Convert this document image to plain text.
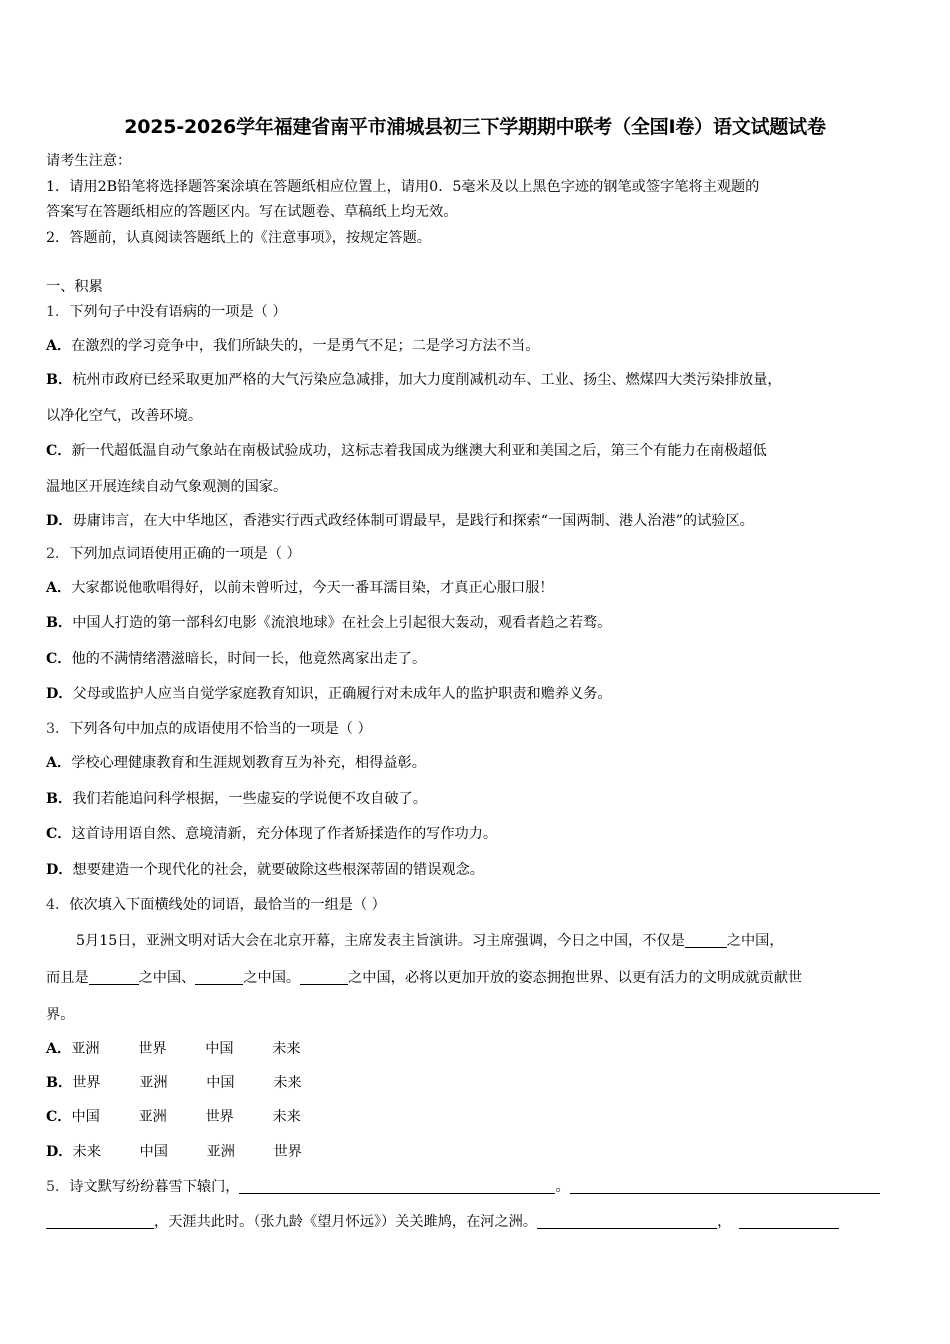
2025-2026学年福建省南平市浦城县初三下学期期中联考（全国Ⅰ卷）语文试题试卷
请考生注意：
1．请用2B铅笔将选择题答案涂填在答题纸相应位置上，请用0．5毫米及以上黑色字迹的钢笔或签字笔将主观题的
答案写在答题纸相应的答题区内。写在试题卷、草稿纸上均无效。
2．答题前，认真阅读答题纸上的《注意事项》，按规定答题。
一、积累
1．下列句子中没有语病的一项是（ ）
A．在激烈的学习竞争中，我们所缺失的，一是勇气不足；二是学习方法不当。
B．杭州市政府已经采取更加严格的大气污染应急减排，加大力度削减机动车、工业、扬尘、燃煤四大类污染排放量，
以净化空气，改善环境。
C．新一代超低温自动气象站在南极试验成功，这标志着我国成为继澳大利亚和美国之后，第三个有能力在南极超低
温地区开展连续自动气象观测的国家。
D．毋庸讳言，在大中华地区，香港实行西式政经体制可谓最早，是践行和探索“一国两制、港人治港”的试验区。
2．下列加点词语使用正确的一项是（ ）
A．大家都说他歌唱得好，以前未曾听过，今天一番耳濡目染，才真正心服口服！
B．中国人打造的第一部科幻电影《流浪地球》在社会上引起很大轰动，观看者趋之若骛。
C．他的不满情绪潜滋暗长，时间一长，他竟然离家出走了。
D．父母或监护人应当自觉学家庭教育知识，正确履行对未成年人的监护职责和赡养义务。
3．下列各句中加点的成语使用不恰当的一项是（ ）
A．学校心理健康教育和生涯规划教育互为补充，相得益彰。
B．我们若能追问科学根据，一些虚妄的学说便不攻自破了。
C．这首诗用语自然、意境清新，充分体现了作者矫揉造作的写作功力。
D．想要建造一个现代化的社会，就要破除这些根深蒂固的错误观念。
4．依次填入下面横线处的词语，最恰当的一组是（ ）
5月15日，亚洲文明对话大会在北京开幕，主席发表主旨演讲。习主席强调，今日之中国，不仅是	之中国，
而且是	之中国、	之中国。	之中国，必将以更加开放的姿态拥抱世界、以更有活力的文明成就贡献世
界。
A．亚洲	世界	中国	未来
B．世界	亚洲	中国	未来
C．中国	亚洲	世界	未来
D．未来	中国	亚洲	世界
5．诗文默写纷纷暮雪下辕门，	。
，天涯共此时。（张九龄《望月怀远》）关关雎鸠，在河之洲。	，
